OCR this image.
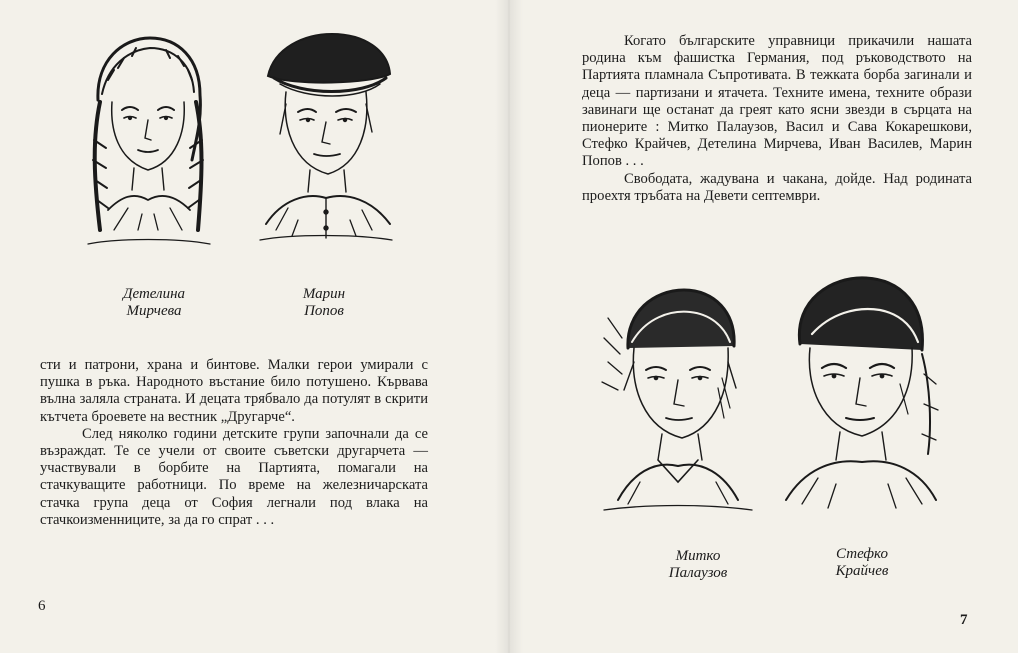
Детелина
Мирчева
Марин
Попов

сти и патрони, храна и бинтове. Малки герои умирали с пушка в ръка. Народното въстание било потушено. Кървава вълна заляла страната. И децата трябвало да потулят в скрити кътчета броевете на вестник „Другарче“.

След няколко години детските групи започнали да се възраждат. Те се учели от своите съветски другарчета — участвували в борбите на Партията, помагали на стачкуващите работници. По време на железничарската стачка група деца от София легнали под влака на стачкоизменниците, за да го спрат . . .

6

Когато българските управници прикачили нашата родина към фашистка Германия, под ръководството на Партията пламнала Съпротивата. В тежката борба загинали и деца — партизани и ятачета. Техните имена, техните образи завинаги ще останат да греят като ясни звезди в сърцата на пионерите : Митко Палаузов, Васил и Сава Кокарешкови, Стефко Крайчев, Детелина Мирчева, Иван Василев, Марин Попов . . .

Свободата, жадувана и чакана, дойде. Над родината проехтя тръбата на Девети септември.

Митко
Палаузов
Стефко
Крайчев
7
